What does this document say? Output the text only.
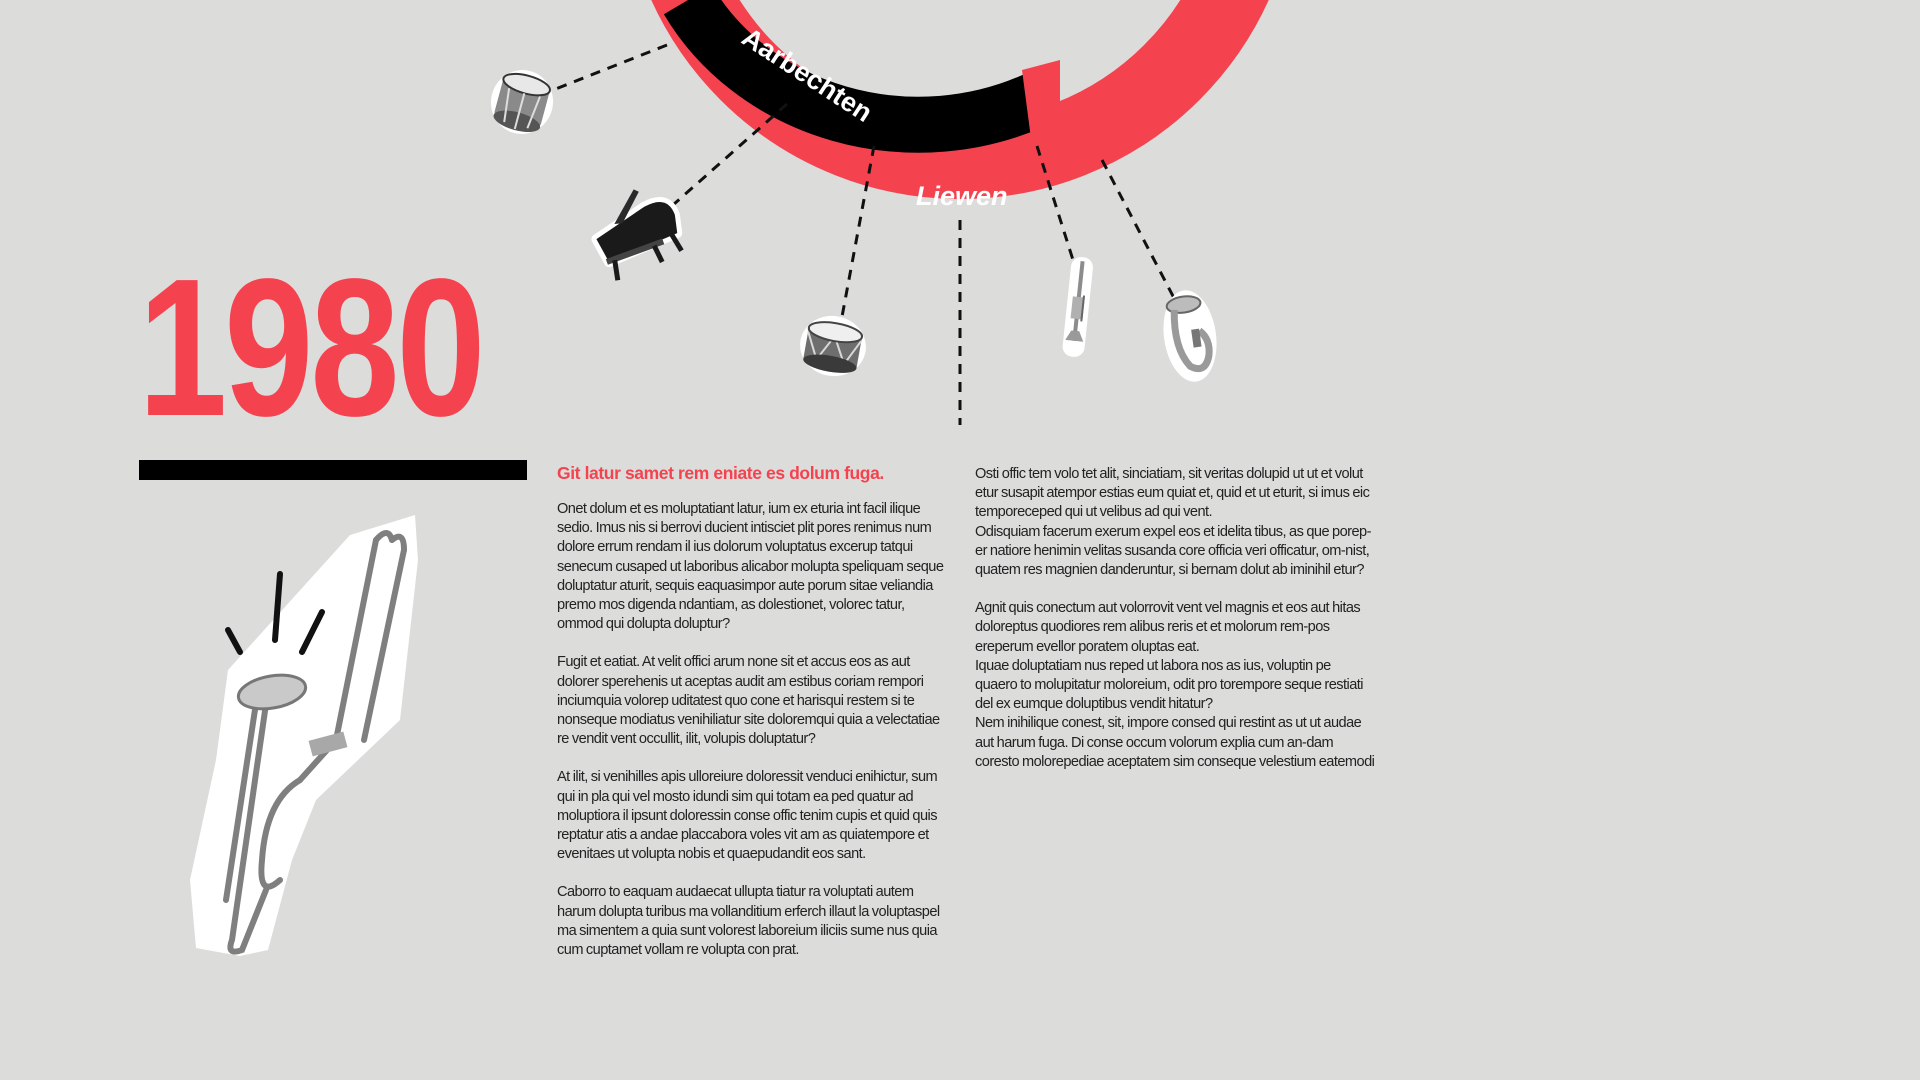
Aarbechten
Liewen
1980

Git latur samet rem eniate es dolum fuga.

Onet dolum et es moluptatiant latur, ium ex eturia int facil ilique sedio. Imus nis si berrovi ducient intisciet plit pores renimus num dolore errum rendam il ius dolorum voluptatus excerup tatqui senecum cusaped ut laboribus alicabor molupta speliquam seque doluptatur aturit, sequis eaquasimpor aute porum sitae veliandia premo mos digenda ndantiam, as dolestionet, volorec tatur, ommod qui dolupta doluptur?

Fugit et eatiat. At velit offici arum none sit et accus eos as aut dolorer sperehenis ut aceptas audit am estibus coriam rempori inciumquia volorep uditatest quo cone et harisqui restem si te nonseque modiatus venihiliatur site doloremqui quia a velectatiae re vendit vent occullit, ilit, volupis doluptatur?

At ilit, si venihilles apis ulloreiure doloressit venduci enihictur, sum qui in pla qui vel mosto idundi sim qui totam ea ped quatur ad moluptiora il ipsunt doloressin conse offic tenim cupis et quid quis reptatur atis a andae placcabora voles vit am as quiatempore et evenitaes ut volupta nobis et quaepudandit eos sant.

Caborro to eaquam audaecat ullupta tiatur ra voluptati autem harum dolupta turibus ma vollanditium erferch illaut la voluptaspel ma simentem a quia sunt volorest laboreium iliciis sume nus quia cum cuptamet vollam re volupta con prat.

Osti offic tem volo tet alit, sinciatiam, sit veritas dolupid ut ut et volut etur susapit atempor estias eum quiat et, quid et ut eturit, si imus eic temporeceped qui ut velibus ad qui vent.

Odisquiam facerum exerum expel eos et idelita tibus, as que porep-er natiore henimin velitas susanda core officia veri officatur, om-nist, quatem res magnien danderuntur, si bernam dolut ab iminihil etur?

Agnit quis conectum aut volorrovit vent vel magnis et eos aut hitas doloreptus quodiores rem alibus reris et et molorum rem-pos ereperum evellor poratem oluptas eat.

Iquae doluptatiam nus reped ut labora nos as ius, voluptin pe quaero to molupitatur moloreium, odit pro torempore seque restiati del ex eumque doluptibus vendit hitatur?

Nem inihilique conest, sit, impore consed qui restint as ut ut audae aut harum fuga. Di conse occum volorum explia cum an-dam coresto molorepediae aceptatem sim conseque velestium eatemodi
